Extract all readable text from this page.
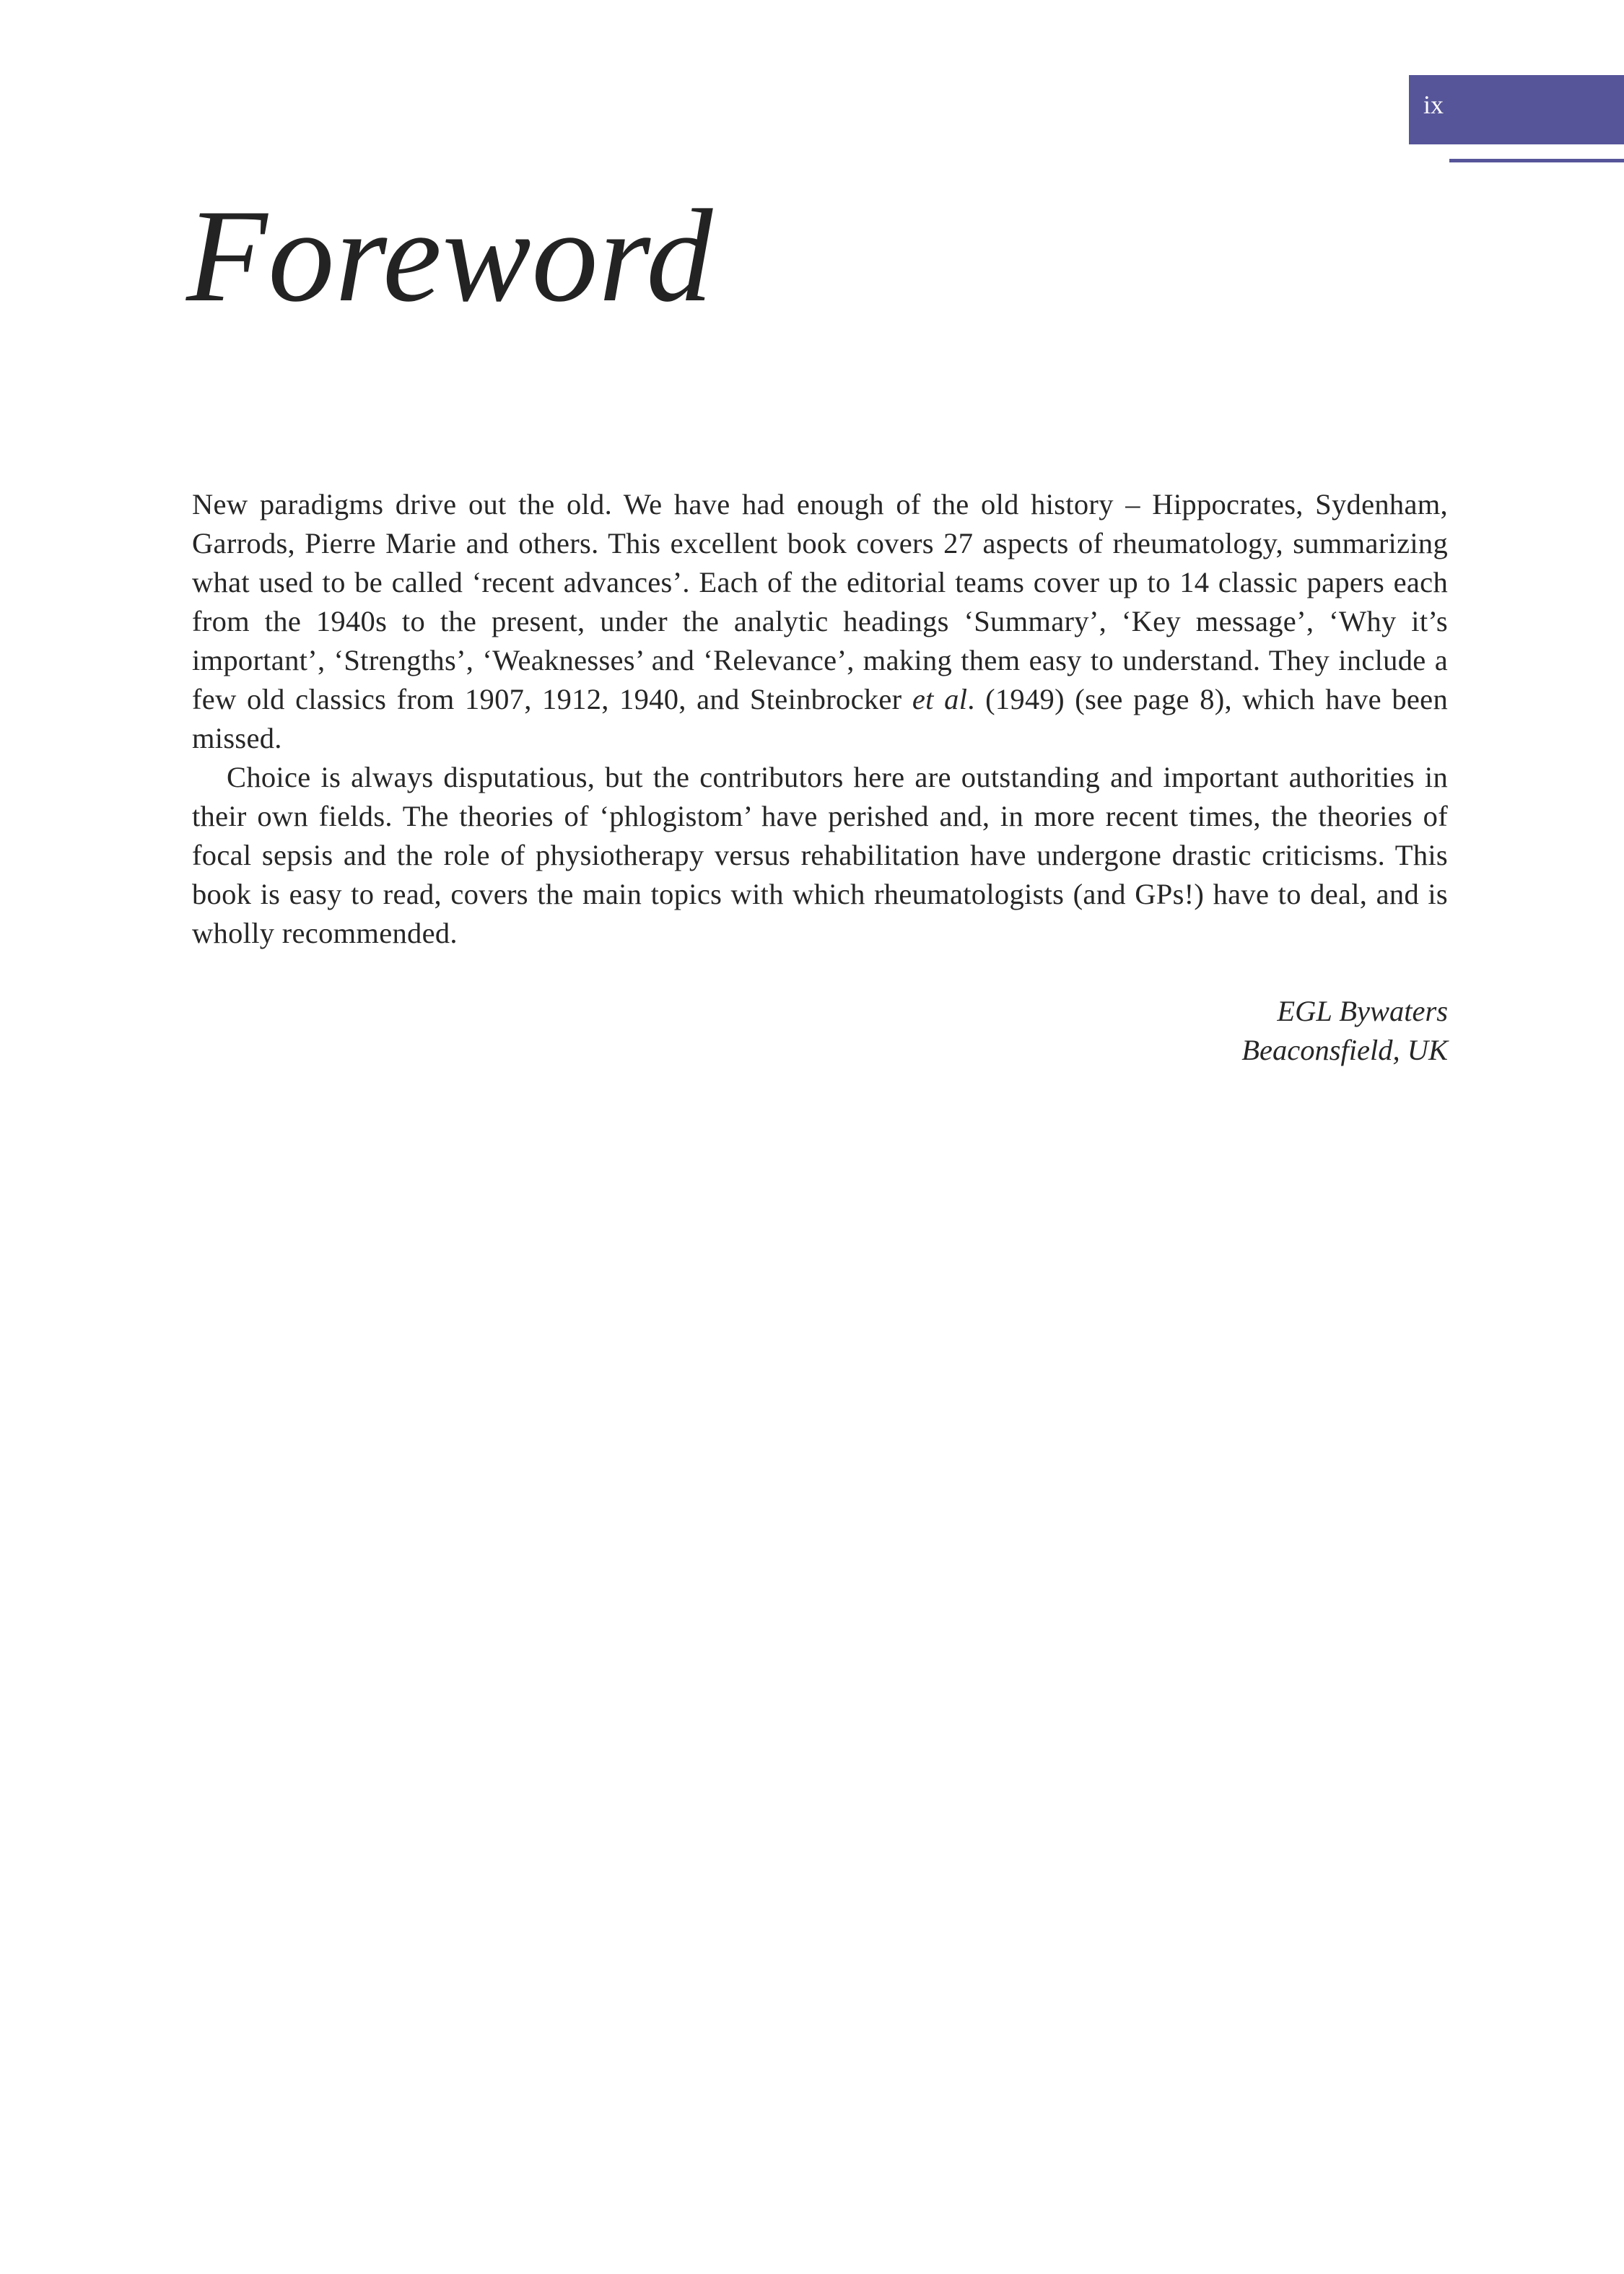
ix
Foreword

New paradigms drive out the old. We have had enough of the old history – Hippocrates, Sydenham, Garrods, Pierre Marie and others. This excellent book covers 27 aspects of rheumatology, summarizing what used to be called ‘recent advances’. Each of the editorial teams cover up to 14 classic papers each from the 1940s to the present, under the analytic headings ‘Summary’, ‘Key message’, ‘Why it’s important’, ‘Strengths’, ‘Weaknesses’ and ‘Relevance’, making them easy to understand. They include a few old classics from 1907, 1912, 1940, and Steinbrocker et al. (1949) (see page 8), which have been missed.

Choice is always disputatious, but the contributors here are outstanding and important authorities in their own fields. The theories of ‘phlogistom’ have perished and, in more recent times, the theories of focal sepsis and the role of physiotherapy versus rehabilitation have undergone drastic criticisms. This book is easy to read, covers the main topics with which rheumatologists (and GPs!) have to deal, and is wholly recommended.

EGL Bywaters
Beaconsfield, UK
